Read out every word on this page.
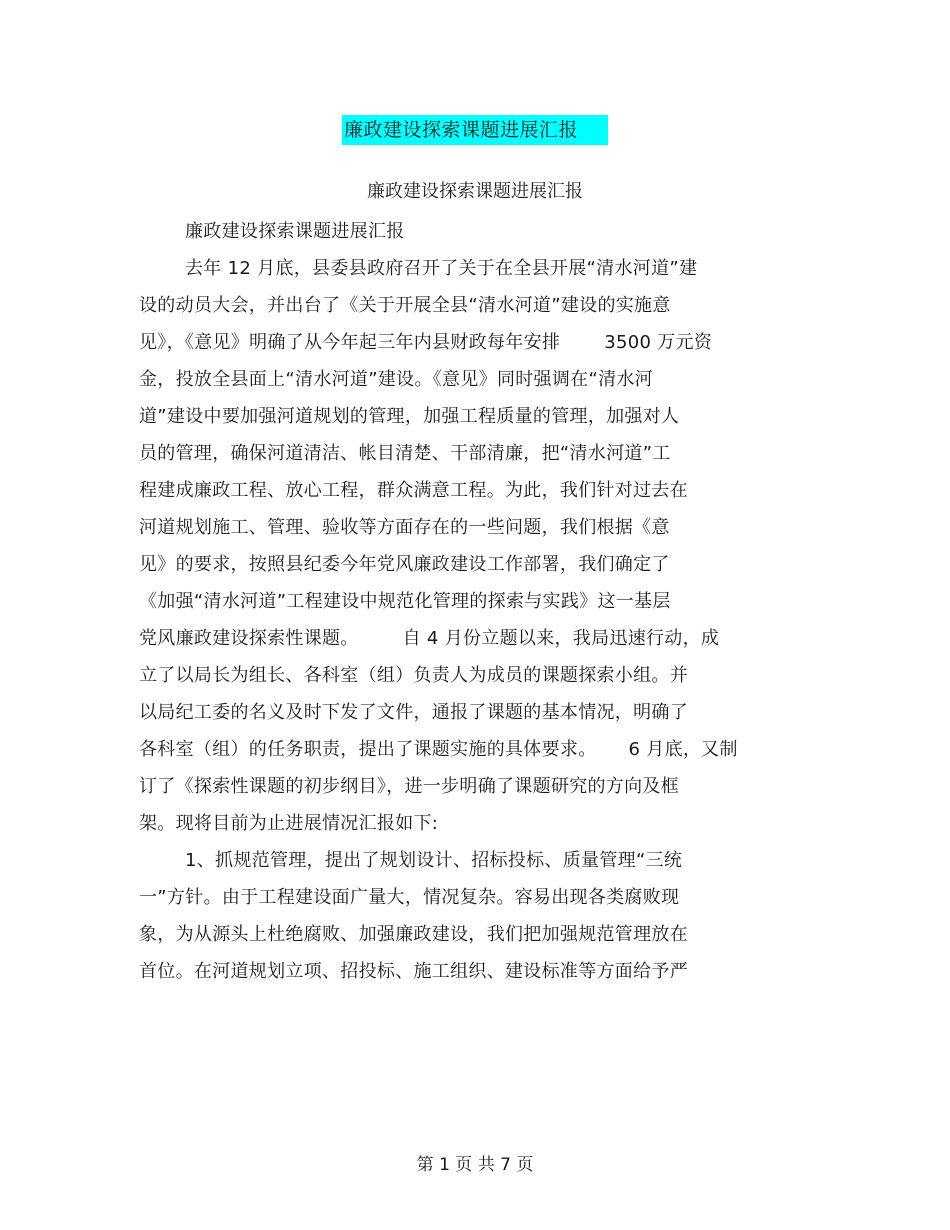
廉政建设探索课题进展汇报
廉政建设探索课题进展汇报
廉政建设探索课题进展汇报
去年 12 月底，县委县政府召开了关于在全县开展“清水河道”建
设的动员大会，并出台了《关于开展全县“清水河道”建设的实施意
见》，《意见》明确了从今年起三年内县财政每年安排 3500 万元资
金，投放全县面上“清水河道”建设。《意见》同时强调在“清水河
道”建设中要加强河道规划的管理，加强工程质量的管理，加强对人
员的管理，确保河道清洁、帐目清楚、干部清廉，把“清水河道”工
程建成廉政工程、放心工程，群众满意工程。为此，我们针对过去在
河道规划施工、管理、验收等方面存在的一些问题，我们根据《意
见》的要求，按照县纪委今年党风廉政建设工作部署，我们确定了
《加强“清水河道”工程建设中规范化管理的探索与实践》这一基层
党风廉政建设探索性课题。 自 4 月份立题以来，我局迅速行动，成
立了以局长为组长、各科室（组）负责人为成员的课题探索小组。并
以局纪工委的名义及时下发了文件，通报了课题的基本情况，明确了
各科室（组）的任务职责，提出了课题实施的具体要求。 6 月底，又制
订了《探索性课题的初步纲目》，进一步明确了课题研究的方向及框
架。现将目前为止进展情况汇报如下:
1、抓规范管理，提出了规划设计、招标投标、质量管理“三统
一”方针。由于工程建设面广量大，情况复杂。容易出现各类腐败现
象，为从源头上杜绝腐败、加强廉政建设，我们把加强规范管理放在
首位。在河道规划立项、招投标、施工组织、建设标准等方面给予严
第 1 页 共 7 页
